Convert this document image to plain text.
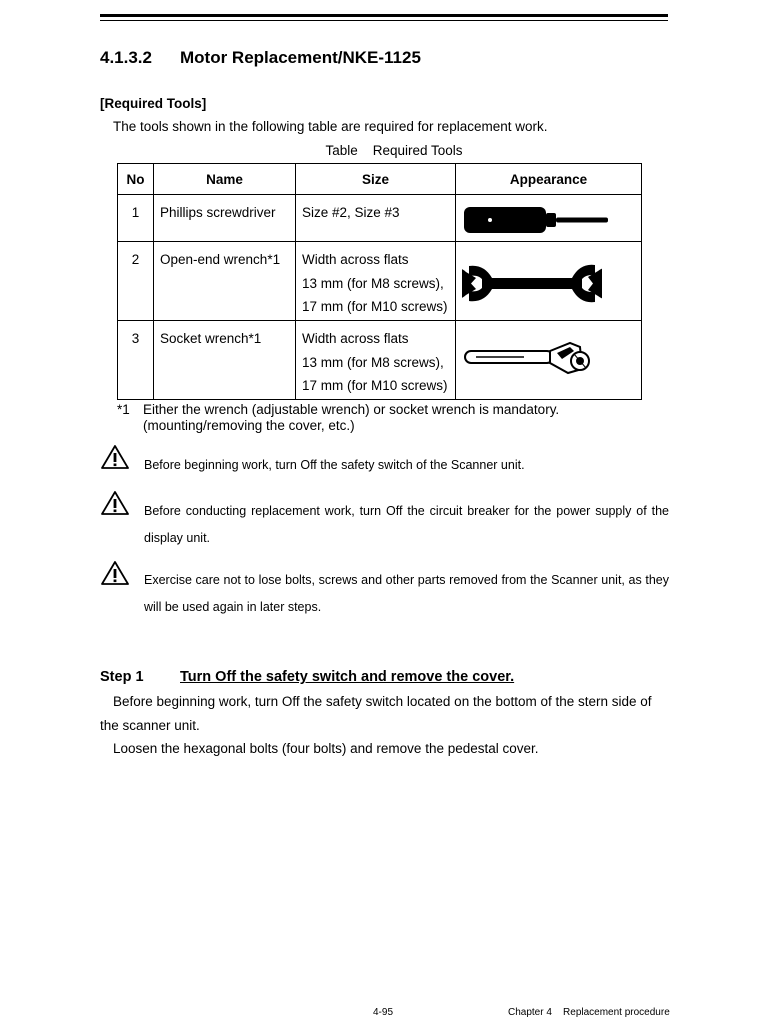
4.1.3.2 Motor Replacement/NKE-1125
[Required Tools]
The tools shown in the following table are required for replacement work.
Table    Required Tools
No	Name	Size	Appearance

1	Phillips screwdriver	Size #2, Size #3

2	Open-end wrench*1	Width across flats
13 mm (for M8 screws),
17 mm (for M10 screws)

3	Socket wrench*1	Width across flats
13 mm (for M8 screws),
17 mm (for M10 screws)

*1 Either the wrench (adjustable wrench) or socket wrench is mandatory. (mounting/removing the cover, etc.)
Before beginning work, turn Off the safety switch of the Scanner unit.
Before conducting replacement work, turn Off the circuit breaker for the power supply of the display unit.
Exercise care not to lose bolts, screws and other parts removed from the Scanner unit, as they will be used again in later steps.
Step 1	Turn Off the safety switch and remove the cover.

Before beginning work, turn Off the safety switch located on the bottom of the stern side of the scanner unit.

Loosen the hexagonal bolts (four bolts) and remove the pedestal cover.

4-95	Chapter 4    Replacement procedure
